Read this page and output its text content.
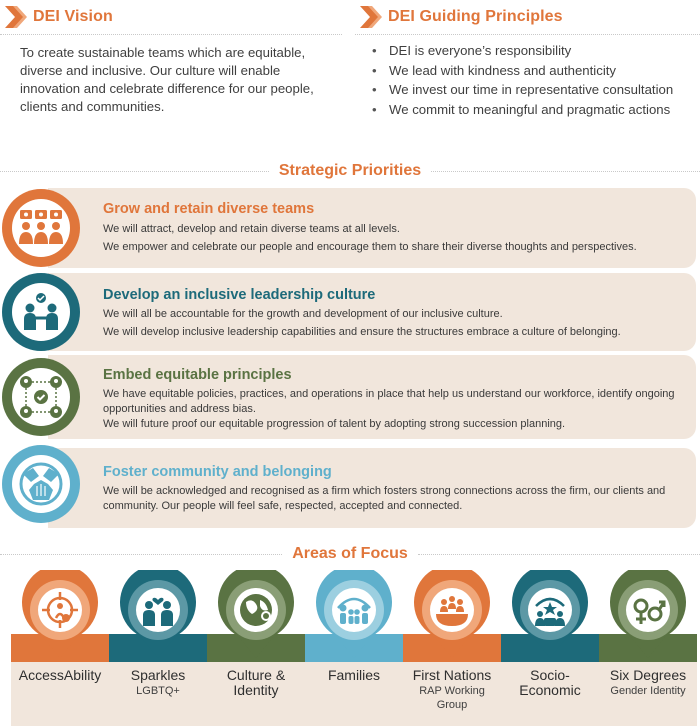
DEI Vision

To create sustainable teams which are equitable, diverse and inclusive. Our culture will enable innovation and celebrate difference for our people, clients and communities.

DEI Guiding Principles
• DEI is everyone’s responsibility
• We lead with kindness and authenticity
• We invest our time in representative consultation
• We commit to meaningful and pragmatic actions
Strategic Priorities
Grow and retain diverse teams
We will attract, develop and retain diverse teams at all levels.
We empower and celebrate our people and encourage them to share their diverse thoughts and perspectives.
Develop an inclusive leadership culture
We will all be accountable for the growth and development of our inclusive culture.
We will develop inclusive leadership capabilities and ensure the structures embrace a culture of belonging.
Embed equitable principles
We have equitable policies, practices, and operations in place that help us understand our workforce, identify ongoing opportunities and address bias.
We will future proof our equitable progression of talent by adopting strong succession planning.
Foster community and belonging
We will be acknowledged and recognised as a firm which fosters strong connections across the firm, our clients and community. Our people will feel safe, respected, accepted and connected.
Areas of Focus
AccessAbility	Sparkles
LGBTQ+
Culture & Identity
Families	First Nations
RAP Working Group
Socio-Economic
Six Degrees
Gender Identity
